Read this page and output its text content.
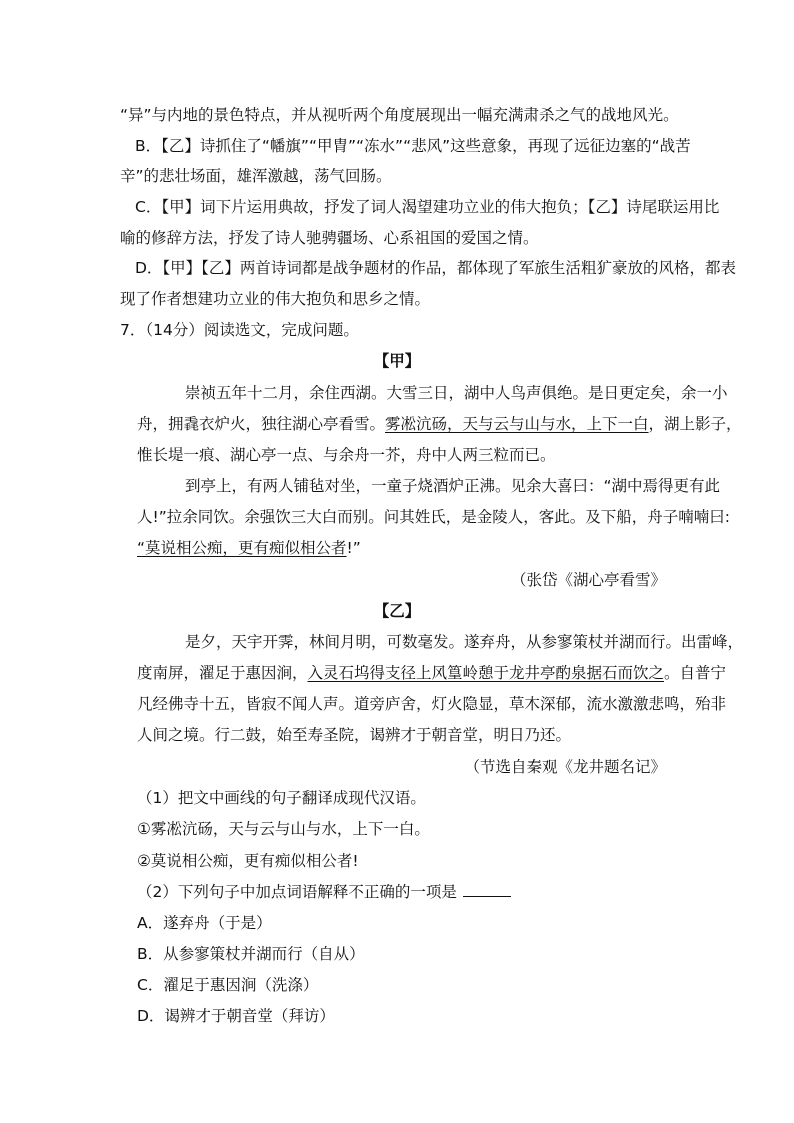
“异”与内地的景色特点，并从视听两个角度展现出一幅充满肃杀之气的战地风光。
B．【乙】诗抓住了“幡旗”“甲胄”“冻水”“悲风”这些意象，再现了远征边塞的“战苦
辛”的悲壮场面，雄浑激越，荡气回肠。
C．【甲】词下片运用典故，抒发了词人渴望建功立业的伟大抱负；【乙】诗尾联运用比
喻的修辞方法，抒发了诗人驰骋疆场、心系祖国的爱国之情。
D．【甲】【乙】两首诗词都是战争题材的作品，都体现了军旅生活粗犷豪放的风格，都表
现了作者想建功立业的伟大抱负和思乡之情。
7．（14分）阅读选文，完成问题。
【甲】
崇祯五年十二月，余住西湖。大雪三日，湖中人鸟声俱绝。是日更定矣，余一小
舟，拥毳衣炉火，独往湖心亭看雪。雾凇沆砀，天与云与山与水，上下一白，湖上影子，
惟长堤一痕、湖心亭一点、与余舟一芥，舟中人两三粒而已。
到亭上，有两人铺毡对坐，一童子烧酒炉正沸。见余大喜曰：“湖中焉得更有此
人!”拉余同饮。余强饮三大白而别。问其姓氏，是金陵人，客此。及下船，舟子喃喃曰:
“莫说相公痴，更有痴似相公者!”
（张岱《湖心亭看雪》
【乙】
是夕，天宇开霁，林间月明，可数毫发。遂弃舟，从参寥策杖并湖而行。出雷峰，
度南屏，濯足于惠因涧，入灵石坞得支径上风篁岭憩于龙井亭酌泉据石而饮之。自普宁
凡经佛寺十五，皆寂不闻人声。道旁庐舍，灯火隐显，草木深郁，流水激激悲鸣，殆非
人间之境。行二鼓，始至寿圣院，谒辨才于朝音堂，明日乃还。
（节选自秦观《龙井题名记》
（1）把文中画线的句子翻译成现代汉语。
①雾凇沆砀，天与云与山与水，上下一白。
②莫说相公痴，更有痴似相公者!
（2）下列句子中加点词语解释不正确的一项是
A．遂弃舟（于是）
B．从参寥策杖并湖而行（自从）
C．濯足于惠因涧（洗涤）
D．谒辨才于朝音堂（拜访）
